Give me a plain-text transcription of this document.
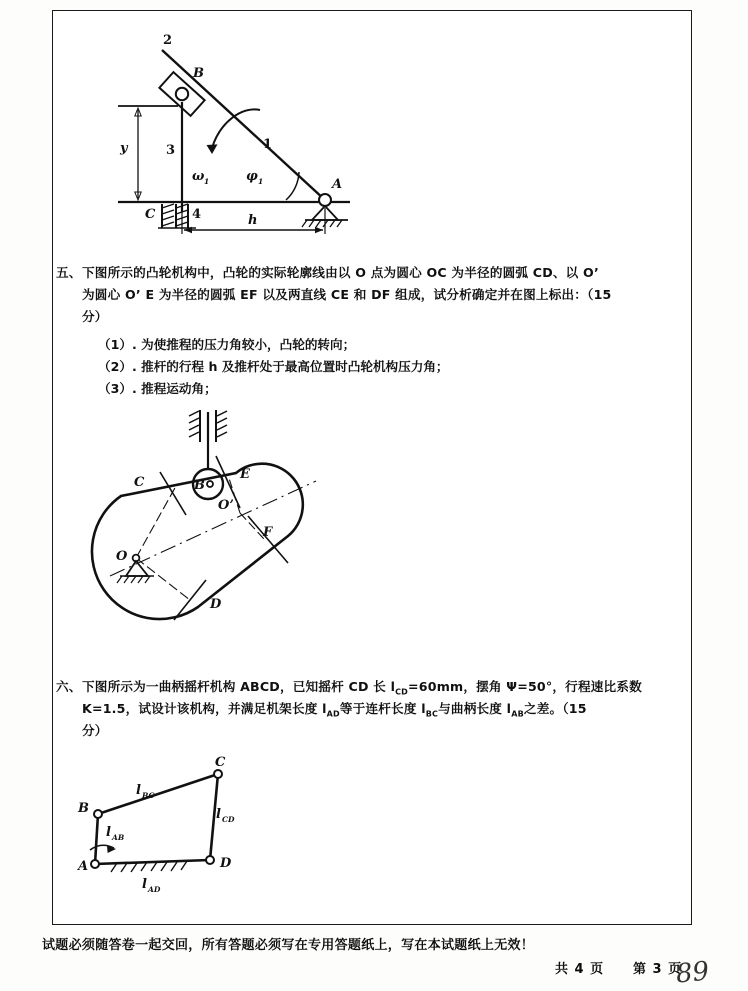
y
B
2
3	1
A
C	4
ω 1	φ 1
h
五、 下图所示的凸轮机构中，凸轮的实际轮廓线由以 O 点为圆心 OC 为半径的圆弧 CD、以 O’
为圆心 O’ E 为半径的圆弧 EF 以及两直线 CE 和 DF 组成，试分析确定并在图上标出：（15
分）
（1）. 为使推程的压力角较小，凸轮的转向；
（2）. 推杆的行程 h 及推杆处于最高位置时凸轮机构压力角；
（3）. 推程运动角；
B
C
D
E
F
O’
O
六、 下图所示为一曲柄摇杆机构 ABCD，已知摇杆 CD 长 $l_{CD}=60mm$，摆角 Ψ=50°，行程速比系数
K=1.5，试设计该机构，并满足机架长度 $l_{AD}$等于连杆长度 $l_{BC}$与曲柄长度 $l_{AB}$之差。（15
分）
A
B
C
D
l AB
l BC
l CD
l AD
试题必须随答卷一起交回，所有答题必须写在专用答题纸上，写在本试题纸上无效！
共 4 页 第 3 页
89
